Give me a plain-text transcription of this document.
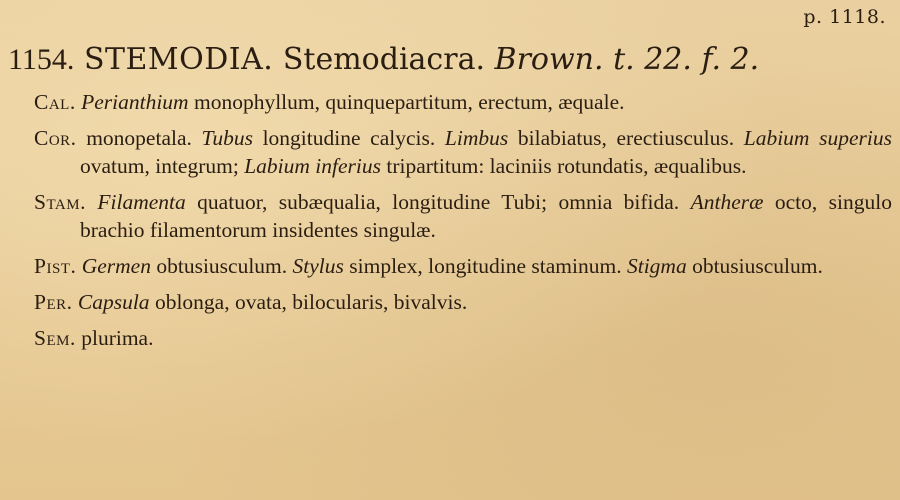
p. 1118.
1154. STEMODIA. Stemodiacra. Brown. t. 22. f. 2.

Cal. Perianthium monophyllum, quinquepartitum, erectum, æquale.

Cor. monopetala. Tubus longitudine calycis. Limbus bilabiatus, erectiusculus. Labium superius ovatum, integrum; Labium inferius tripartitum: laciniis rotundatis, æqualibus.

Stam. Filamenta quatuor, subæqualia, longitudine Tubi; omnia bifida. Antheræ octo, singulo brachio filamentorum insidentes singulæ.

Pist. Germen obtusiusculum. Stylus simplex, longitudine staminum. Stigma obtusiusculum.

Per. Capsula oblonga, ovata, bilocularis, bivalvis.

Sem. plurima.
